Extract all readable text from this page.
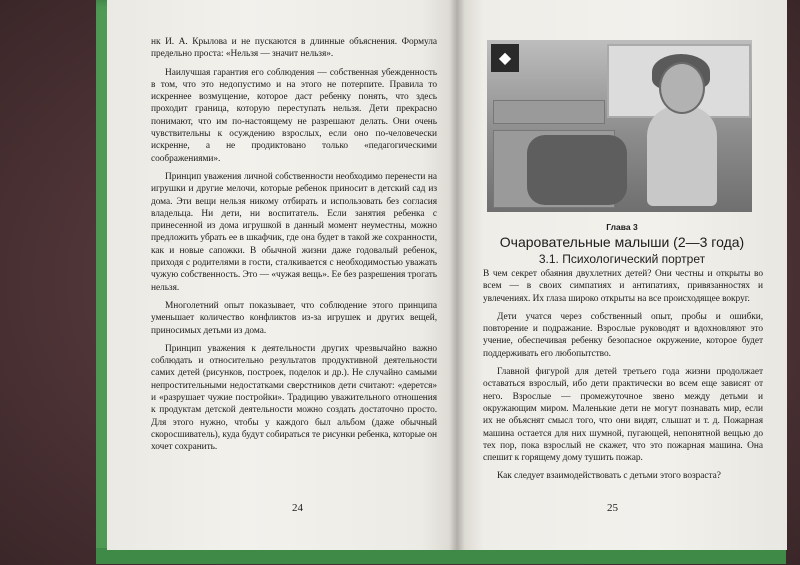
нк И. А. Крылова и не пускаются в длинные объяснения. Формула предельно проста: «Нельзя — значит нельзя».

Наилучшая гарантия его соблюдения — собственная убежденность в том, что это недопустимо и на этого не потерпите. Правила то искреннее возмущение, которое даст ребенку понять, что здесь проходит граница, которую переступать нельзя. Дети прекрасно понимают, что им по-настоящему не разрешают делать. Они очень чувствительны к осуждению взрослых, если оно по-человечески искренне, а не продиктовано только «педагогическими соображениями».

Принцип уважения личной собственности необходимо перенести на игрушки и другие мелочи, которые ребенок приносит в детский сад из дома. Эти вещи нельзя никому отбирать и использовать без согласия владельца. Ни дети, ни воспитатель. Если занятия ребенка с принесенной из дома игрушкой в данный момент неуместны, можно предложить убрать ее в шкафчик, где она будет в такой же сохранности, как и новые сапожки. В обычной жизни даже годовалый ребенок, приходя с родителями в гости, сталкивается с необходимостью уважать чужую собственность. Это — «чужая вещь». Ее без разрешения трогать нельзя.

Многолетний опыт показывает, что соблюдение этого принципа уменьшает количество конфликтов из-за игрушек и других вещей, приносимых детьми из дома.

Принцип уважения к деятельности других чрезвычайно важно соблюдать и относительно результатов продуктивной деятельности самих детей (рисунков, построек, поделок и др.). Не случайно самыми непростительными недостатками сверстников дети считают: «дерется» и «разрушает чужие постройки». Традицию уважительного отношения к продуктам детской деятельности можно создать достаточно просто. Для этого нужно, чтобы у каждого был альбом (даже обычный скоросшиватель), куда будут собираться те рисунки ребенка, которые он хочет сохранить.

24
◆
Глава 3
Очаровательные малыши (2—3 года)
3.1. Психологический портрет

В чем секрет обаяния двухлетних детей? Они честны и открыты во всем — в своих симпатиях и антипатиях, привязанностях и увлечениях. Их глаза широко открыты на все происходящее вокруг.

Дети учатся через собственный опыт, пробы и ошибки, повторение и подражание. Взрослые руководят и вдохновляют это учение, обеспечивая ребенку безопасное окружение, которое будет поддерживать его любопытство.

Главной фигурой для детей третьего года жизни продолжает оставаться взрослый, ибо дети практически во всем еще зависят от него. Взрослые — промежуточное звено между детьми и окружающим миром. Маленькие дети не могут познавать мир, если их не объяснят смысл того, что они видят, слышат и т. д. Пожарная машина остается для них шумной, пугающей, непонятной вещью до тех пор, пока взрослый не скажет, что это пожарная машина. Она спешит к горящему дому тушить пожар.

Как следует взаимодействовать с детьми этого возраста?

25
